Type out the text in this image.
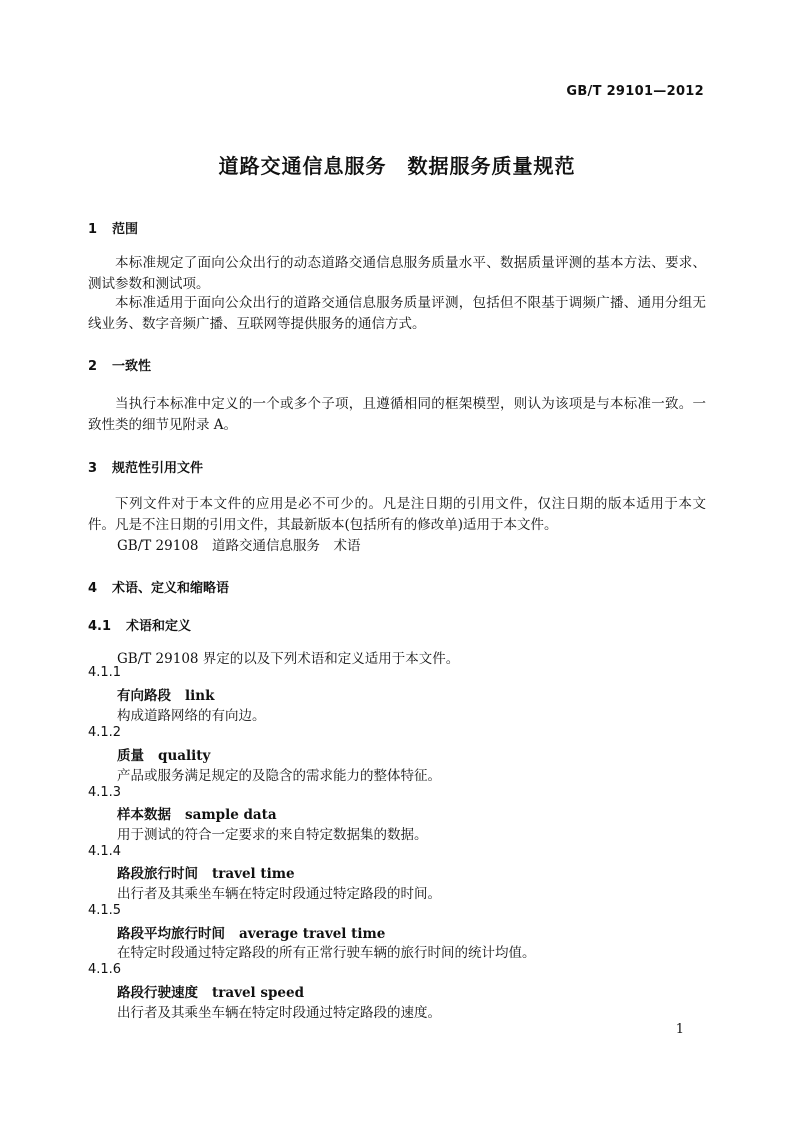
GB/T 29101—2012
道路交通信息服务　数据服务质量规范
1 范围
本标准规定了面向公众出行的动态道路交通信息服务质量水平、数据质量评测的基本方法、要求、测试参数和测试项。
本标准适用于面向公众出行的道路交通信息服务质量评测，包括但不限基于调频广播、通用分组无线业务、数字音频广播、互联网等提供服务的通信方式。
2 一致性
当执行本标准中定义的一个或多个子项，且遵循相同的框架模型，则认为该项是与本标准一致。一致性类的细节见附录 A。
3 规范性引用文件
下列文件对于本文件的应用是必不可少的。凡是注日期的引用文件，仅注日期的版本适用于本文件。凡是不注日期的引用文件，其最新版本(包括所有的修改单)适用于本文件。
GB/T 29108　道路交通信息服务　术语
4 术语、定义和缩略语
4.1 术语和定义
GB/T 29108 界定的以及下列术语和定义适用于本文件。
4.1.1
有向路段 link
构成道路网络的有向边。
4.1.2
质量 quality
产品或服务满足规定的及隐含的需求能力的整体特征。
4.1.3
样本数据 sample data
用于测试的符合一定要求的来自特定数据集的数据。
4.1.4
路段旅行时间 travel time
出行者及其乘坐车辆在特定时段通过特定路段的时间。
4.1.5
路段平均旅行时间 average travel time
在特定时段通过特定路段的所有正常行驶车辆的旅行时间的统计均值。
4.1.6
路段行驶速度 travel speed
出行者及其乘坐车辆在特定时段通过特定路段的速度。
1
